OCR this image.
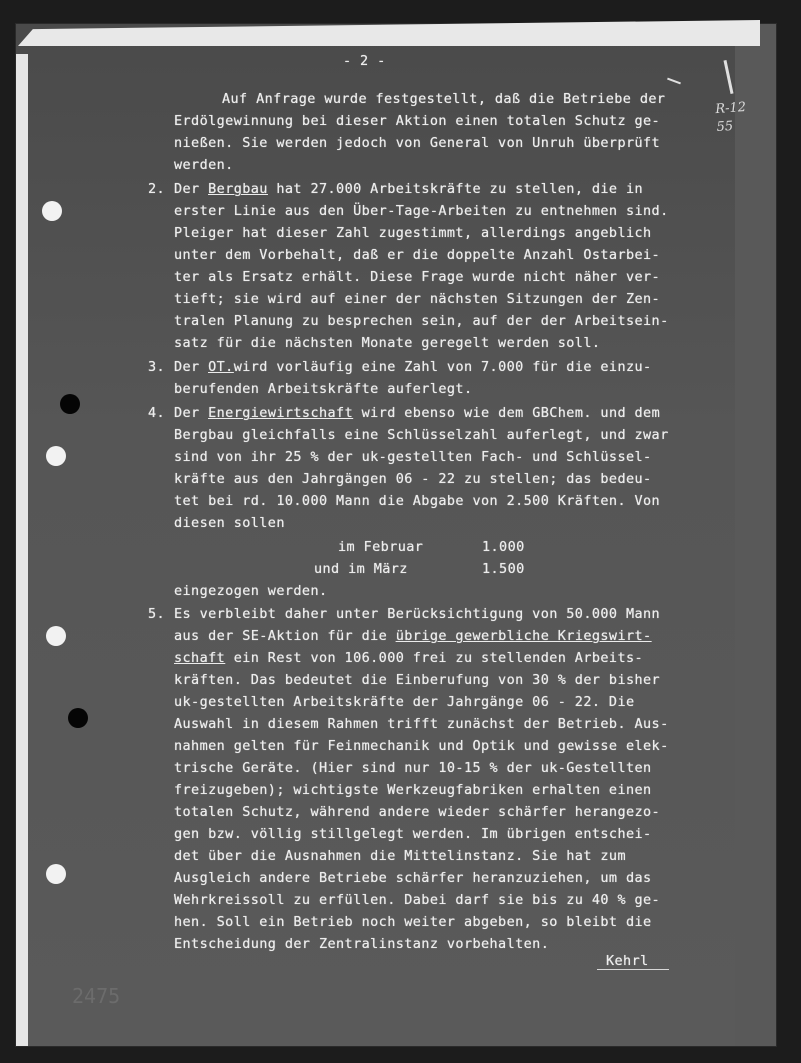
R-12
55
- 2 -
Auf Anfrage wurde festgestellt, daß die Betriebe der
Erdölgewinnung bei dieser Aktion einen totalen Schutz ge-
nießen. Sie werden jedoch von General von Unruh überprüft
werden.
2. Der Bergbau hat 27.000 Arbeitskräfte zu stellen, die in
erster Linie aus den Über-Tage-Arbeiten zu entnehmen sind.
Pleiger hat dieser Zahl zugestimmt, allerdings angeblich
unter dem Vorbehalt, daß er die doppelte Anzahl Ostarbei-
ter als Ersatz erhält. Diese Frage wurde nicht näher ver-
tieft; sie wird auf einer der nächsten Sitzungen der Zen-
tralen Planung zu besprechen sein, auf der der Arbeitsein-
satz für die nächsten Monate geregelt werden soll.
3. Der OT.wird vorläufig eine Zahl von 7.000 für die einzu-
berufenden Arbeitskräfte auferlegt.
4. Der Energiewirtschaft wird ebenso wie dem GBChem. und dem
Bergbau gleichfalls eine Schlüsselzahl auferlegt, und zwar
sind von ihr 25 % der uk-gestellten Fach- und Schlüssel-
kräfte aus den Jahrgängen 06 - 22 zu stellen; das bedeu-
tet bei rd. 10.000 Mann die Abgabe von 2.500 Kräften. Von
diesen sollen
im Februar	1.000
und im März	1.500
eingezogen werden.
5. Es verbleibt daher unter Berücksichtigung von 50.000 Mann
aus der SE-Aktion für die übrige gewerbliche Kriegswirt-
schaft ein Rest von 106.000 frei zu stellenden Arbeits-
kräften. Das bedeutet die Einberufung von 30 % der bisher
uk-gestellten Arbeitskräfte der Jahrgänge 06 - 22. Die
Auswahl in diesem Rahmen trifft zunächst der Betrieb. Aus-
nahmen gelten für Feinmechanik und Optik und gewisse elek-
trische Geräte. (Hier sind nur 10-15 % der uk-Gestellten
freizugeben); wichtigste Werkzeugfabriken erhalten einen
totalen Schutz, während andere wieder schärfer herangezo-
gen bzw. völlig stillgelegt werden. Im übrigen entschei-
det über die Ausnahmen die Mittelinstanz. Sie hat zum
Ausgleich andere Betriebe schärfer heranzuziehen, um das
Wehrkreissoll zu erfüllen. Dabei darf sie bis zu 40 % ge-
hen. Soll ein Betrieb noch weiter abgeben, so bleibt die
Entscheidung der Zentralinstanz vorbehalten.
Kehrl
2475
